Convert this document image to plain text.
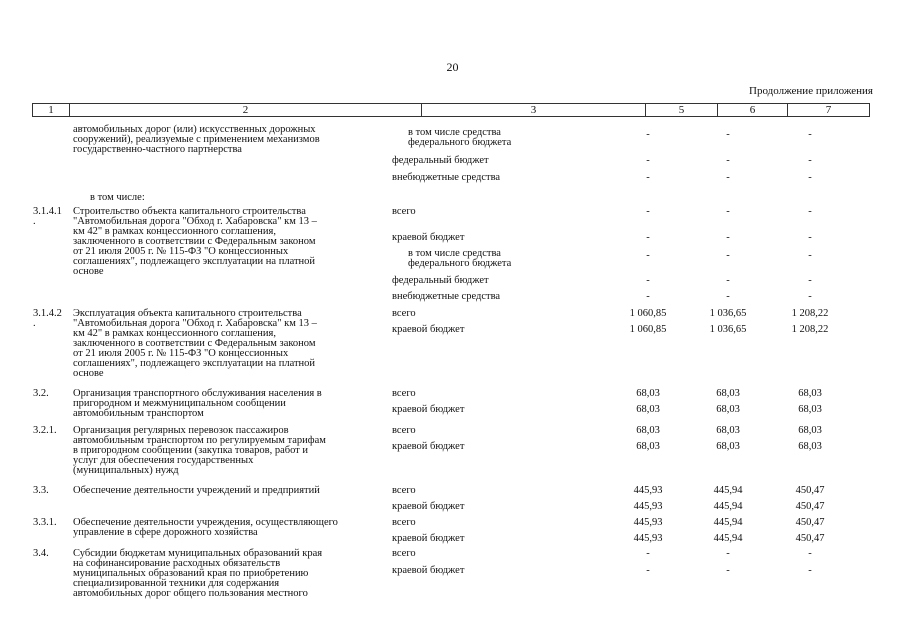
20
Продолжение приложения
1	2	3	5	6	7
автомобильных дорог (или) искусственных дорожных
сооружений), реализуемые с применением механизмов
государственно-частного партнерства
в том числе средства
федерального бюджета
-	-	-
федеральный бюджет	-	-	-
внебюджетные средства	-	-	-
в том числе:
3.1.4.1
.
Строительство объекта капитального строительства
"Автомобильная дорога "Обход г. Хабаровска" км 13 –
км 42" в рамках концессионного соглашения,
заключенного в соответствии с Федеральным законом
от 21 июля 2005 г. № 115-ФЗ "О концессионных
соглашениях", подлежащего эксплуатации на платной
основе
всего	-	-	-
краевой бюджет	-	-	-
в том числе средства
федерального бюджета
-	-	-
федеральный бюджет	-	-	-
внебюджетные средства	-	-	-
3.1.4.2
.
Эксплуатация объекта капитального строительства
"Автомобильная дорога "Обход г. Хабаровска" км 13 –
км 42" в рамках концессионного соглашения,
заключенного в соответствии с Федеральным законом
от 21 июля 2005 г. № 115-ФЗ "О концессионных
соглашениях", подлежащего эксплуатации на платной
основе
всего	1 060,85	1 036,65	1 208,22
краевой бюджет	1 060,85	1 036,65	1 208,22
3.2. Организация транспортного обслуживания населения в
пригородном и межмуниципальном сообщении
автомобильным транспортом
всего	68,03	68,03	68,03
краевой бюджет	68,03	68,03	68,03
3.2.1. Организация регулярных перевозок пассажиров
автомобильным транспортом по регулируемым тарифам
в пригородном сообщении (закупка товаров, работ и
услуг для обеспечения государственных
(муниципальных) нужд
всего	68,03	68,03	68,03
краевой бюджет	68,03	68,03	68,03
3.3. Обеспечение деятельности учреждений и предприятий	всего	445,93	445,94	450,47
краевой бюджет	445,93	445,94	450,47
3.3.1. Обеспечение деятельности учреждения, осуществляющего
управление в сфере дорожного хозяйства
всего	445,93	445,94	450,47
краевой бюджет	445,93	445,94	450,47
3.4. Субсидии бюджетам муниципальных образований края
на софинансирование расходных обязательств
муниципальных образований края по приобретению
специализированной техники для содержания
автомобильных дорог общего пользования местного
всего	-	-	-
краевой бюджет	-	-	-
